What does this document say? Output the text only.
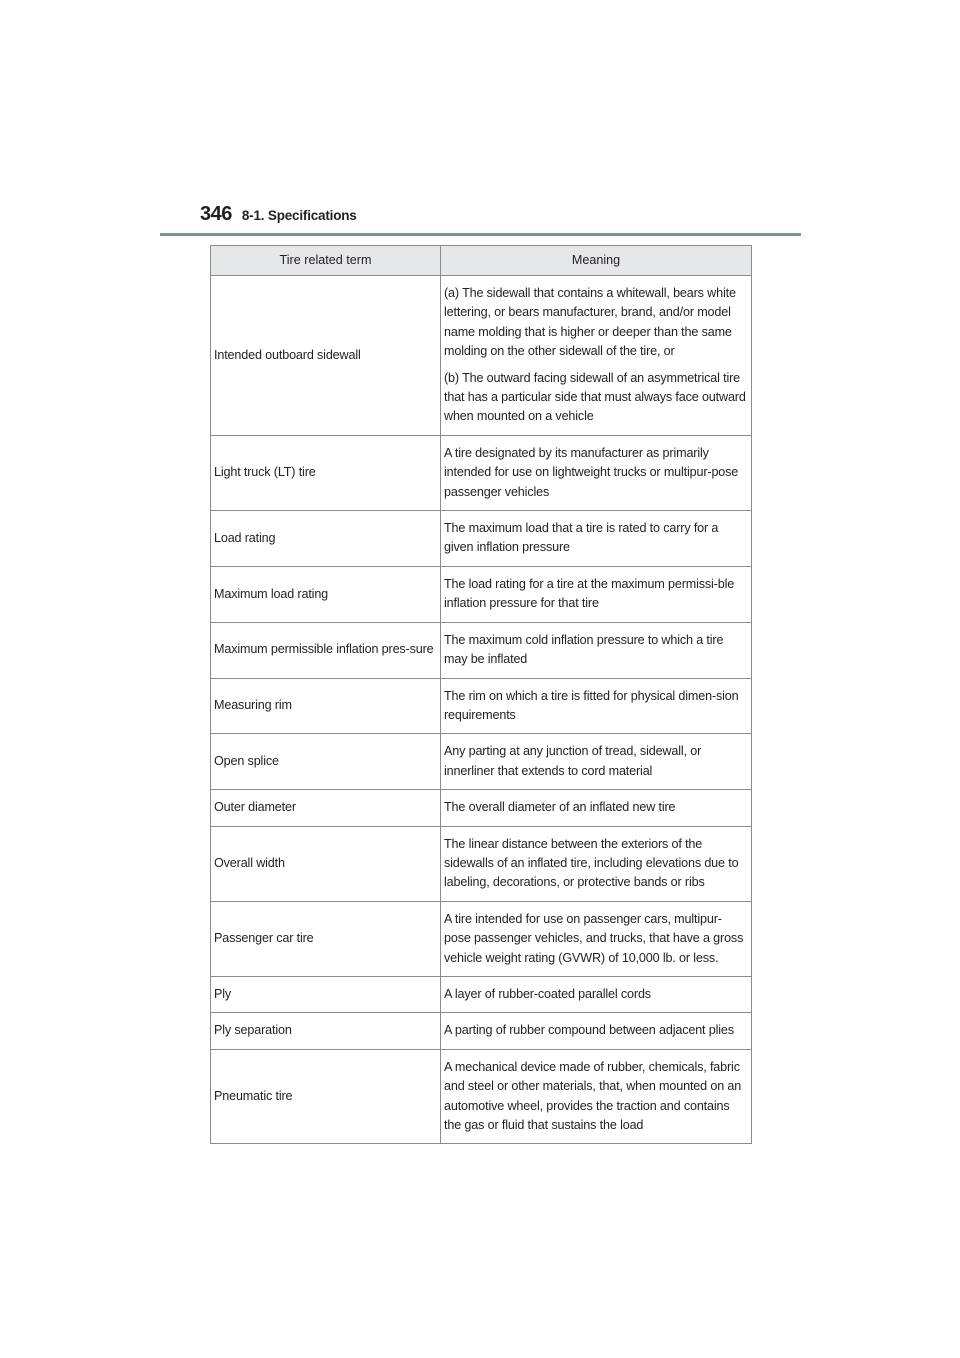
346 8-1. Specifications
Tire related term	Meaning
Intended outboard sidewall	(a) The sidewall that contains a whitewall, bears white lettering, or bears manufacturer, brand, and/or model name molding that is higher or deeper than the same molding on the other sidewall of the tire, or

(b) The outward facing sidewall of an asymmetrical tire that has a particular side that must always face outward when mounted on a vehicle

Light truck (LT) tire	A tire designated by its manufacturer as primarily intended for use on lightweight trucks or multipur-pose passenger vehicles

Load rating	The maximum load that a tire is rated to carry for a given inflation pressure

Maximum load rating	The load rating for a tire at the maximum permissi-ble inflation pressure for that tire

Maximum permissible inflation pres-sure	The maximum cold inflation pressure to which a tire may be inflated

Measuring rim	The rim on which a tire is fitted for physical dimen-sion requirements

Open splice	Any parting at any junction of tread, sidewall, or innerliner that extends to cord material

Outer diameter	The overall diameter of an inflated new tire

Overall width	The linear distance between the exteriors of the sidewalls of an inflated tire, including elevations due to labeling, decorations, or protective bands or ribs

Passenger car tire	A tire intended for use on passenger cars, multipur-pose passenger vehicles, and trucks, that have a gross vehicle weight rating (GVWR) of 10,000 lb. or less.

Ply	A layer of rubber-coated parallel cords

Ply separation	A parting of rubber compound between adjacent plies

Pneumatic tire	A mechanical device made of rubber, chemicals, fabric and steel or other materials, that, when mounted on an automotive wheel, provides the traction and contains the gas or fluid that sustains the load
